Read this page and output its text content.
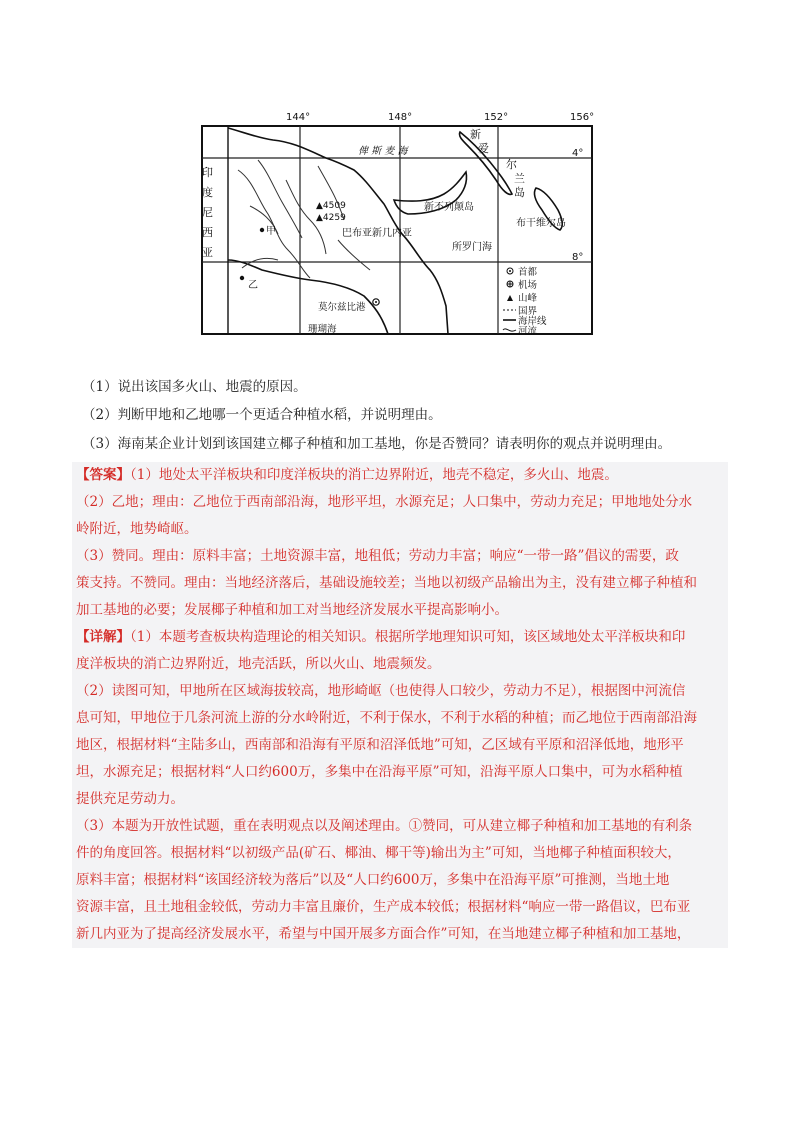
144°	148°	152°	156°
4°
8°
俾 斯 麦 海
印
度
尼
西
亚
新
爱
尔
兰
岛
新不列颠岛
布干维尔岛
巴布亚新几内亚
所罗门海
▲4509
▲4259
甲
乙
莫尔兹比港
珊瑚海
首都
机场
山峰
国界
海岸线
河流
（1）说出该国多火山、地震的原因。
（2）判断甲地和乙地哪一个更适合种植水稻，并说明理由。
（3）海南某企业计划到该国建立椰子种植和加工基地，你是否赞同？请表明你的观点并说明理由。

【答案】（1）地处太平洋板块和印度洋板块的消亡边界附近，地壳不稳定，多火山、地震。

（2）乙地；理由：乙地位于西南部沿海，地形平坦，水源充足；人口集中，劳动力充足；甲地地处分水

岭附近，地势崎岖。

（3）赞同。理由：原料丰富；土地资源丰富，地租低；劳动力丰富；响应“一带一路”倡议的需要，政

策支持。不赞同。理由：当地经济落后，基础设施较差；当地以初级产品输出为主，没有建立椰子种植和

加工基地的必要；发展椰子种植和加工对当地经济发展水平提高影响小。

【详解】（1）本题考查板块构造理论的相关知识。根据所学地理知识可知，该区域地处太平洋板块和印

度洋板块的消亡边界附近，地壳活跃，所以火山、地震频发。

（2）读图可知，甲地所在区域海拔较高，地形崎岖（也使得人口较少，劳动力不足），根据图中河流信

息可知，甲地位于几条河流上游的分水岭附近，不利于保水，不利于水稻的种植；而乙地位于西南部沿海

地区，根据材料“主陆多山，西南部和沿海有平原和沼泽低地”可知，乙区域有平原和沼泽低地，地形平

坦，水源充足；根据材料“人口约600万，多集中在沿海平原”可知，沿海平原人口集中，可为水稻种植

提供充足劳动力。

（3）本题为开放性试题，重在表明观点以及阐述理由。①赞同，可从建立椰子种植和加工基地的有利条

件的角度回答。根据材料“以初级产品(矿石、椰油、椰干等)输出为主”可知，当地椰子种植面积较大，

原料丰富；根据材料“该国经济较为落后”以及“人口约600万，多集中在沿海平原”可推测，当地土地

资源丰富，且土地租金较低，劳动力丰富且廉价，生产成本较低；根据材料“响应一带一路倡议，巴布亚

新几内亚为了提高经济发展水平，希望与中国开展多方面合作”可知，在当地建立椰子种植和加工基地，
